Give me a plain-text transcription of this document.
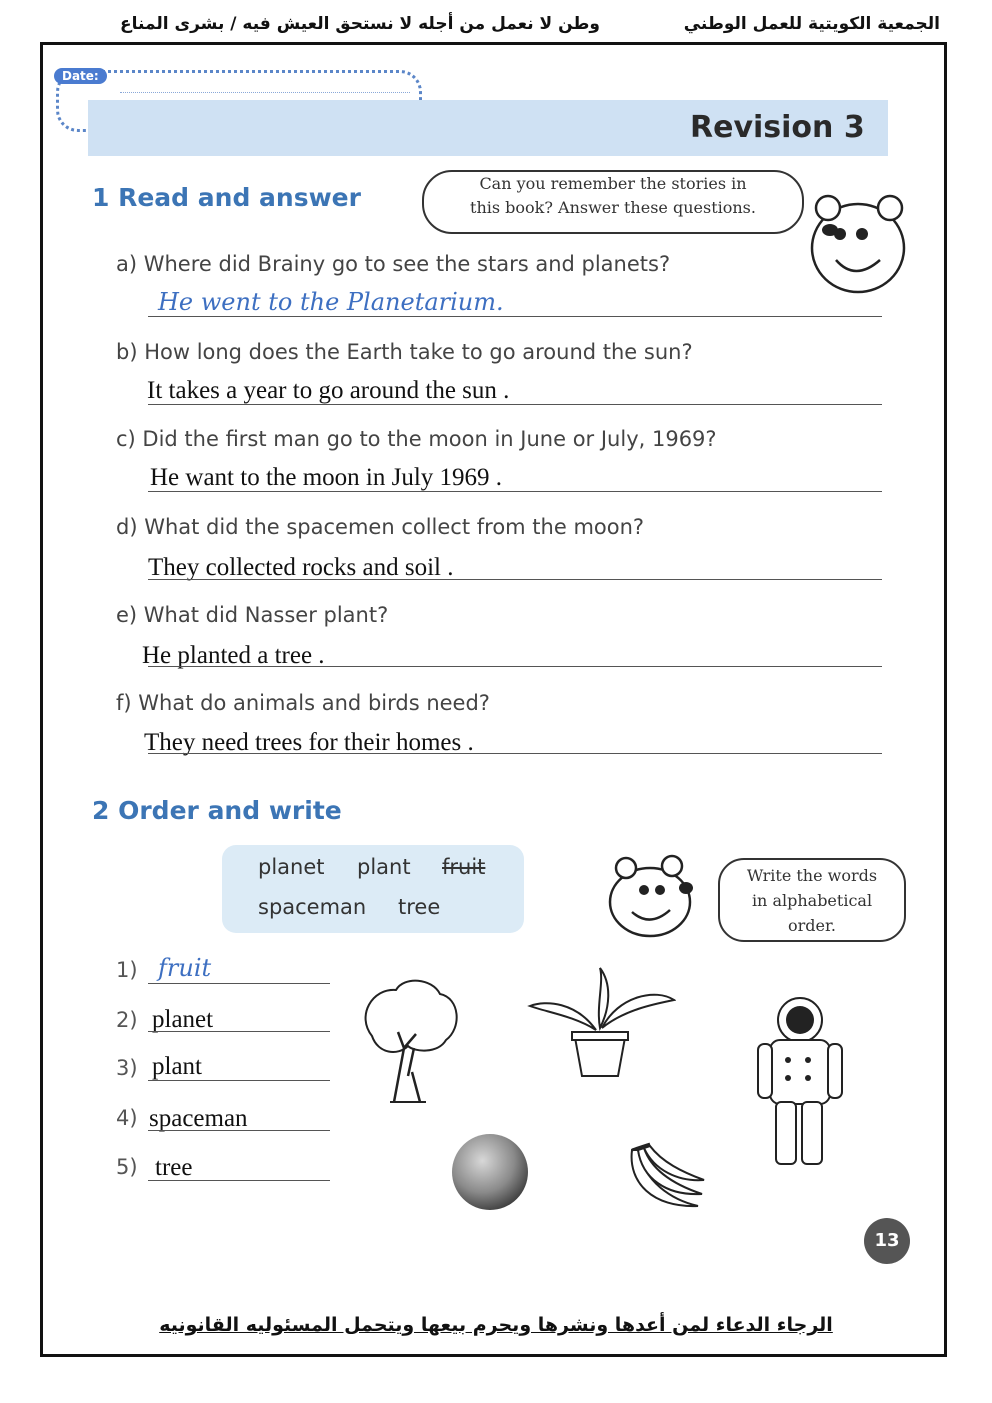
الجمعية الكويتية للعمل الوطني
وطن لا نعمل من أجله لا نستحق العيش فيه / بشرى المناع
Date:
Revision 3
1 Read and answer	Can you remember the stories in
this book? Answer these questions.
a) Where did Brainy go to see the stars and planets?
He went to the Planetarium.
b) How long does the Earth take to go around the sun?
It takes a year to go around the sun .
c) Did the first man go to the moon in June or July, 1969?
He want to the moon in July 1969 .
d) What did the spacemen collect from the moon?
They collected rocks and soil .
e) What did Nasser plant?
He planted a tree .
f) What do animals and birds need?
They need trees for their homes .
2 Order and write
planet plant fruit
spaceman tree
Write the words
in alphabetical
order.
1) fruit
2) planet
3) plant
4) spaceman
5) tree
13
الرجاء الدعاء لمن أعدها ونشرها ويحرم بيعها ويتحمل المسئوليه القانونيه
